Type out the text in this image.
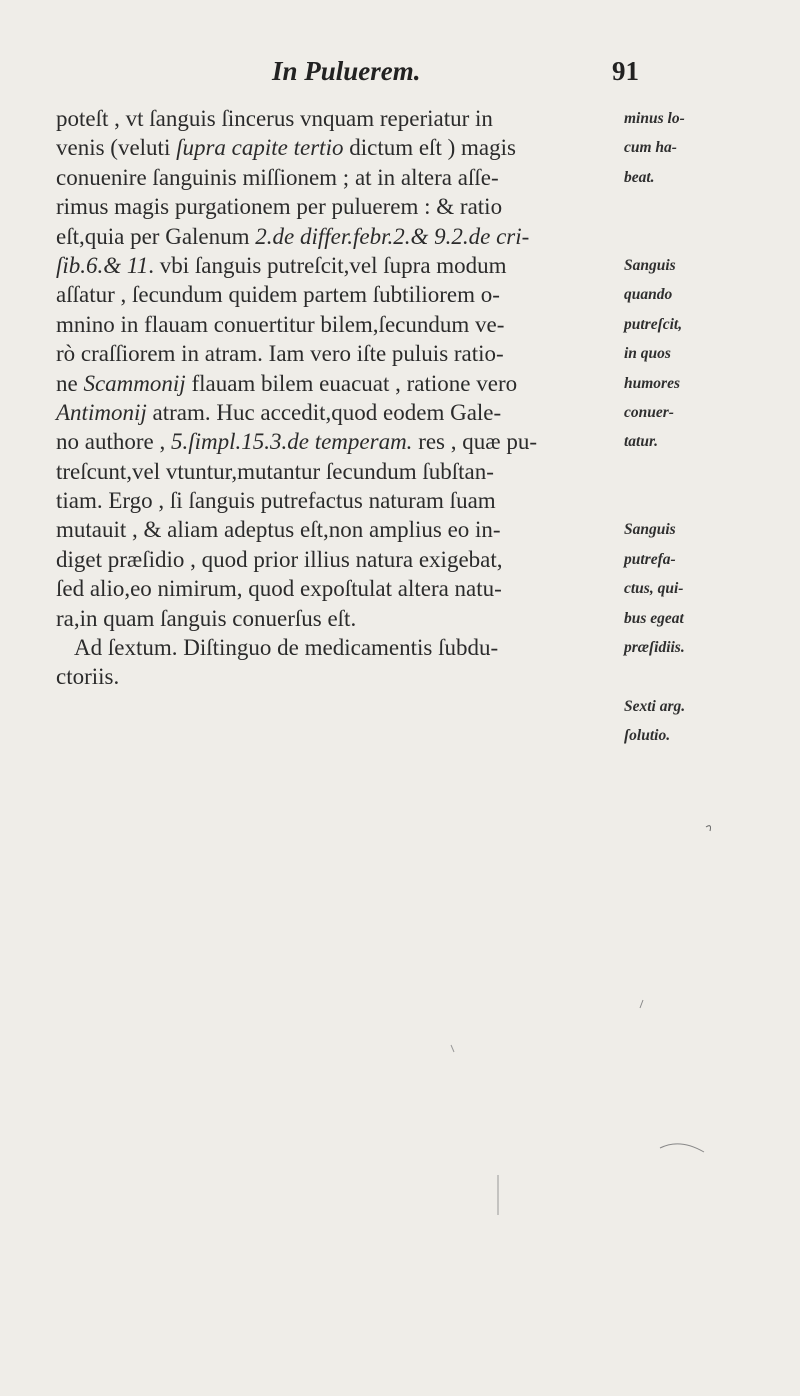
In Puluerem.	91
poteſt , vt ſanguis ſincerus vnquam reperiatur in
venis (veluti ſupra capite tertio dictum eſt ) magis
conuenire ſanguinis miſſionem ; at in altera aſſe-
rimus magis purgationem per puluerem : & ratio
eſt,quia per Galenum 2.de differ.febr.2.& 9.2.de cri-
ſib.6.& 11. vbi ſanguis putreſcit,vel ſupra modum
aſſatur , ſecundum quidem partem ſubtiliorem o-
mnino in flauam conuertitur bilem,ſecundum ve-
rò craſſiorem in atram. Iam vero iſte puluis ratio-
ne Scammonij flauam bilem euacuat , ratione vero
Antimonij atram. Huc accedit,quod eodem Gale-
no authore , 5.ſimpl.15.3.de temperam. res , quæ pu-
treſcunt,vel vtuntur,mutantur ſecundum ſubſtan-
tiam. Ergo , ſi ſanguis putrefactus naturam ſuam
mutauit , & aliam adeptus eſt,non amplius eo in-
diget præſidio , quod prior illius natura exigebat,
ſed alio,eo nimirum, quod expoſtulat altera natu-
ra,in quam ſanguis conuerſus eſt.
Ad ſextum. Diſtinguo de medicamentis ſubdu-
ctoriis.
minus lo-
cum ha-
beat.
Sanguis
quando
putreſcit,
in quos
humores
conuer-
tatur.
Sanguis
putrefa-
ctus, qui-
bus egeat
præſidiis.
Sexti arg.
ſolutio.
